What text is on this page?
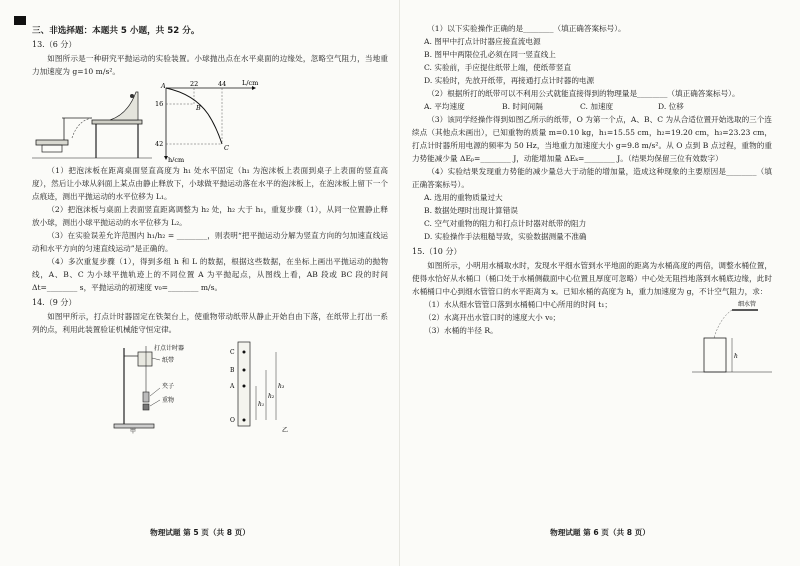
三、非选择题：本题共 5 小题，共 52 分。
13.（6 分）

如图所示是一种研究平抛运动的实验装置。小球抛出点在水平桌面的边缘处，忽略空气阻力，当地重力加速度为 g=10 m/s²。

L/cm
h/cm
22	44
16
42
A
B
C

（1）把泡沫板在距离桌面竖直高度为 h₁ 处水平固定（h₁ 为泡沫板上表面到桌子上表面的竖直高度），然后让小球从斜面上某点由静止释放下，小球做平抛运动落在水平的泡沫板上，在泡沫板上留下一个点痕迹，测出平抛运动的水平位移为 L₁。

（2）把泡沫板与桌面上表面竖直距离调整为 h₂ 处，h₂ 大于 h₁，重复步骤（1），从同一位置静止释放小球，测出小球平抛运动的水平位移为 L₂。

（3）在实验误差允许范围内 h₁/h₂ = ________，则表明“把平抛运动分解为竖直方向的匀加速直线运动和水平方向的匀速直线运动”是正确的。

（4）多次重复步骤（1），得到多组 h 和 L 的数据，根据这些数据，在坐标上画出平抛运动的抛物线，A、B、C 为小球平抛轨迹上的不同位置 A 为平抛起点，从图线上看，AB 段或 BC 段的时间 Δt=________ s，平抛运动的初速度 v₀=________ m/s。

14.（9 分）

如图甲所示，打点计时器固定在铁架台上，使重物带动纸带从静止开始自由下落，在纸带上打出一系列的点，利用此装置验证机械能守恒定律。

打点计时器
纸带
夹子
重物
甲
C
B
A
O
h₁
h₂
h₃
乙
物理试题 第 5 页（共 8 页）

（1）以下实验操作正确的是________（填正确答案标号）。

A. 图甲中打点计时器应接直流电源
B. 图甲中两限位孔必须在同一竖直线上
C. 实验前，手应提住纸带上端，使纸带竖直
D. 实验时，先放开纸带，再接通打点计时器的电源

（2）根据所打的纸带可以不利用公式就能直接得到的物理量是________（填正确答案标号）。

A. 平均速度	B. 时间间隔	C. 加速度	D. 位移

（3）该同学经操作得到如图乙所示的纸带，O 为第一个点，A、B、C 为从合适位置开始选取的三个连续点（其他点未画出），已知重物的质量 m=0.10 kg，h₁=15.55 cm，h₂=19.20 cm，h₃=23.23 cm，打点计时器所用电源的频率为 50 Hz，当地重力加速度大小 g=9.8 m/s²。从 O 点到 B 点过程，重物的重力势能减少量 ΔEₚ=________ J，动能增加量 ΔEₖ=________ J。（结果均保留三位有效数字）

（4）实验结果发现重力势能的减少量总大于动能的增加量，造成这种现象的主要原因是________（填正确答案标号）。

A. 选用的重物质量过大
B. 数据处理时出现计算错误
C. 空气对重物的阻力和打点计时器对纸带的阻力
D. 实验操作手法粗糙导致，实验数据测量不准确
15.（10 分）

如图所示，小明用水桶取水时，发现水平细水管到水平地面的距离为水桶高度的两倍，调整水桶位置，使得水恰好从水桶口（桶口处于水桶侧截面中心位置且厚度可忽略）中心处无阻挡地落到水桶底边缘，此时水桶桶口中心到细水管管口的水平距离为 x。已知水桶的高度为 h，重力加速度为 g，不计空气阻力，求：

（1）水从细水管管口落到水桶桶口中心所用的时间 t₁；
（2）水离开出水管口时的速度大小 v₀；
（3）水桶的半径 R。
细水管
h
物理试题 第 6 页（共 8 页）
